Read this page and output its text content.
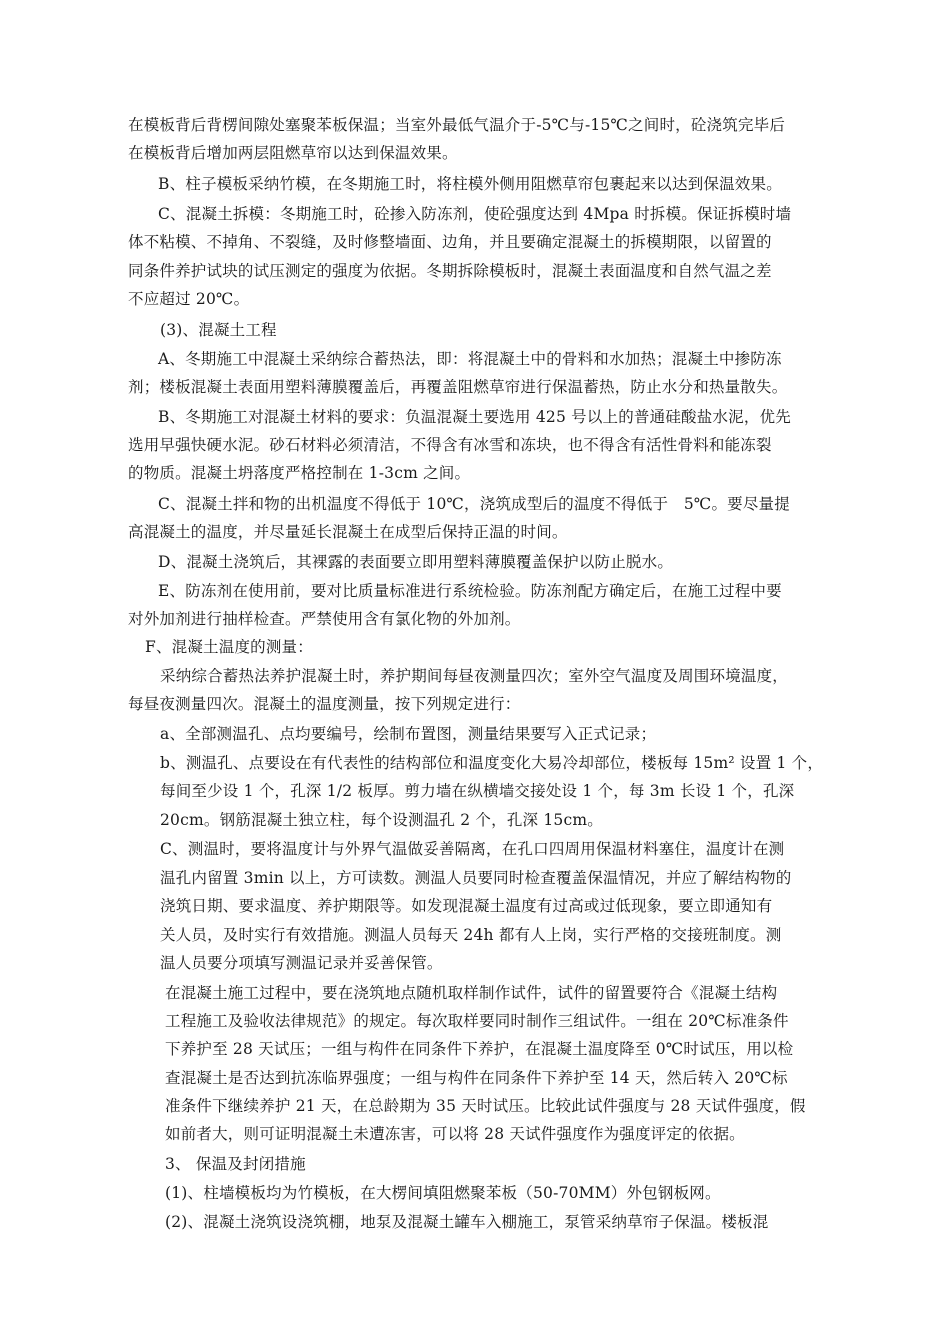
在模板背后背楞间隙处塞聚苯板保温；当室外最低气温介于-5℃与-15℃之间时，砼浇筑完毕后
在模板背后增加两层阻燃草帘以达到保温效果。
B、柱子模板采纳竹模，在冬期施工时，将柱模外侧用阻燃草帘包裹起来以达到保温效果。
C、混凝土拆模：冬期施工时，砼掺入防冻剂，使砼强度达到 4Mpa 时拆模。保证拆模时墙
体不粘模、不掉角、不裂缝，及时修整墙面、边角，并且要确定混凝土的拆模期限，以留置的
同条件养护试块的试压测定的强度为依据。冬期拆除模板时，混凝土表面温度和自然气温之差
不应超过 20℃。
(3)、混凝土工程
A、冬期施工中混凝土采纳综合蓄热法，即：将混凝土中的骨料和水加热；混凝土中掺防冻
剂；楼板混凝土表面用塑料薄膜覆盖后，再覆盖阻燃草帘进行保温蓄热，防止水分和热量散失。
B、冬期施工对混凝土材料的要求：负温混凝土要选用 425 号以上的普通硅酸盐水泥，优先
选用早强快硬水泥。砂石材料必须清洁，不得含有冰雪和冻块，也不得含有活性骨料和能冻裂
的物质。混凝土坍落度严格控制在 1-3cm 之间。
C、混凝土拌和物的出机温度不得低于 10℃，浇筑成型后的温度不得低于　5℃。要尽量提
高混凝土的温度，并尽量延长混凝土在成型后保持正温的时间。
D、混凝土浇筑后，其裸露的表面要立即用塑料薄膜覆盖保护以防止脱水。
E、防冻剂在使用前，要对比质量标准进行系统检验。防冻剂配方确定后，在施工过程中要
对外加剂进行抽样检查。严禁使用含有氯化物的外加剂。
F、混凝土温度的测量：
采纳综合蓄热法养护混凝土时，养护期间每昼夜测量四次；室外空气温度及周围环境温度，
每昼夜测量四次。混凝土的温度测量，按下列规定进行：
a、全部测温孔、点均要编号，绘制布置图，测量结果要写入正式记录；
b、测温孔、点要设在有代表性的结构部位和温度变化大易冷却部位，楼板每 15m² 设置 1 个，
每间至少设 1 个，孔深 1/2 板厚。剪力墙在纵横墙交接处设 1 个，每 3m 长设 1 个，孔深
20cm。钢筋混凝土独立柱，每个设测温孔 2 个，孔深 15cm。
C、测温时，要将温度计与外界气温做妥善隔离，在孔口四周用保温材料塞住，温度计在测
温孔内留置 3min 以上，方可读数。测温人员要同时检查覆盖保温情况，并应了解结构物的
浇筑日期、要求温度、养护期限等。如发现混凝土温度有过高或过低现象，要立即通知有
关人员，及时实行有效措施。测温人员每天 24h 都有人上岗，实行严格的交接班制度。测
温人员要分项填写测温记录并妥善保管。
在混凝土施工过程中，要在浇筑地点随机取样制作试件，试件的留置要符合《混凝土结构
工程施工及验收法律规范》的规定。每次取样要同时制作三组试件。一组在 20℃标准条件
下养护至 28 天试压；一组与构件在同条件下养护，在混凝土温度降至 0℃时试压，用以检
查混凝土是否达到抗冻临界强度；一组与构件在同条件下养护至 14 天，然后转入 20℃标
准条件下继续养护 21 天，在总龄期为 35 天时试压。比较此试件强度与 28 天试件强度，假
如前者大，则可证明混凝土未遭冻害，可以将 28 天试件强度作为强度评定的依据。
3、 保温及封闭措施
(1)、柱墙模板均为竹模板，在大楞间填阻燃聚苯板（50-70MM）外包钢板网。
(2)、混凝土浇筑设浇筑棚，地泵及混凝土罐车入棚施工，泵管采纳草帘子保温。楼板混
